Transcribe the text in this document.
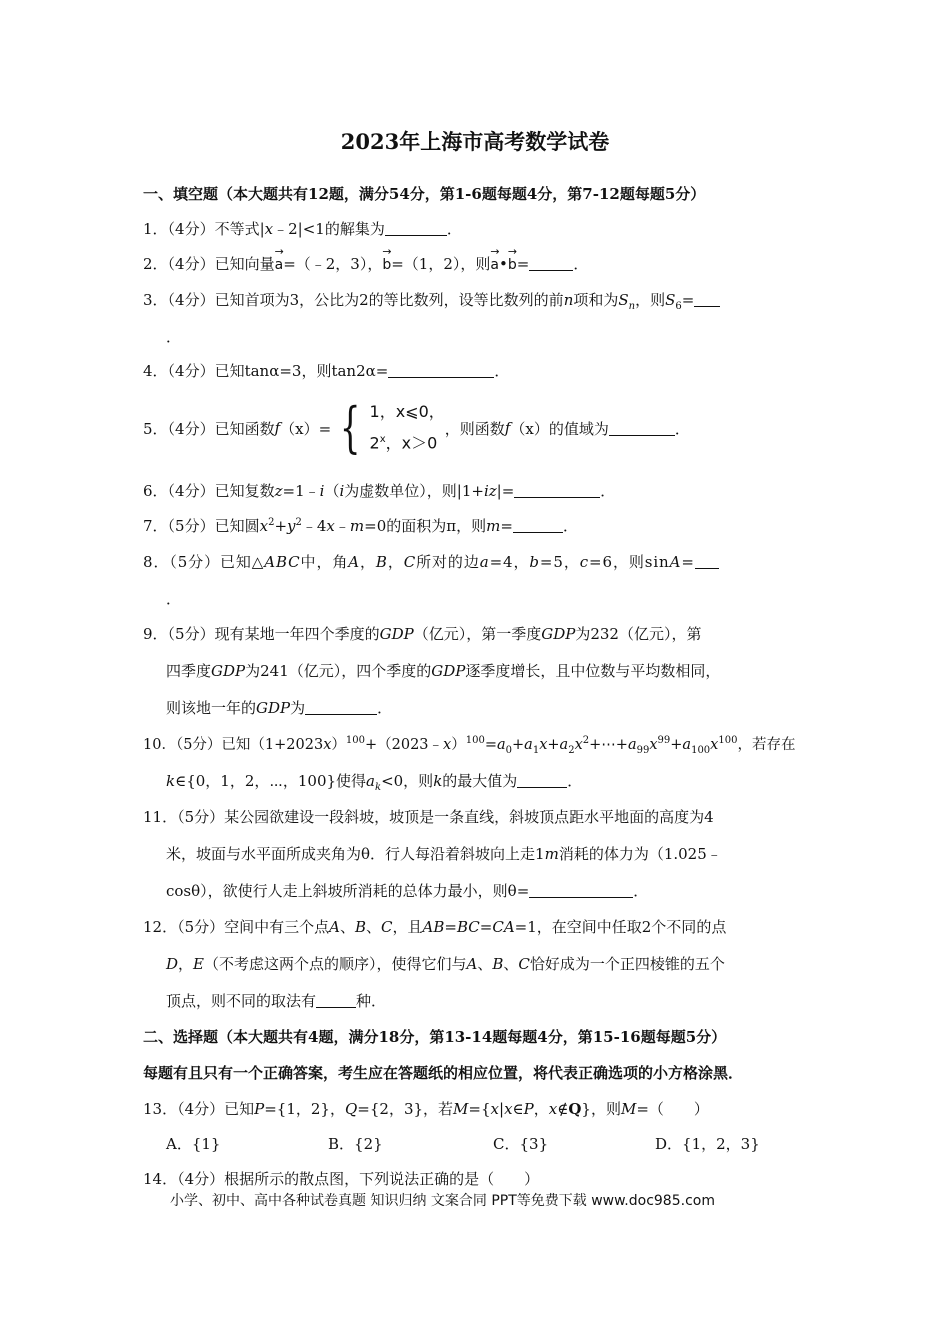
2023年上海市高考数学试卷
一、填空题（本大题共有12题，满分54分，第1-6题每题4分，第7-12题每题5分）
1．（4分）不等式|x﹣2|<1的解集为	．
2．（4分）已知向量→ a=（﹣2，3），→ b=（1，2），则→ a•→ b=	．
3．（4分）已知首项为3，公比为2的等比数列，设等比数列的前n项和为$S_n$，则$S_6=$
．
4．（4分）已知tanα=3，则tan2α=	．
5．（4分）已知函数 f （x）= { 1，x⩽0，
2$^x$，x＞0
，则函数 f （x）的值域为	．
6．（4分）已知复数z=1﹣i（i为虚数单位），则|1+iz|=	．
7．（5分）已知圆$x^2+y^2﹣4x﹣m=0$的面积为π，则m=	．
8．（5分）已知△ABC中，角A，B，C所对的边a=4，b=5，c=6，则sinA=
．
9．（5分）现有某地一年四个季度的GDP（亿元），第一季度GDP为232（亿元），第
四季度GDP为241（亿元），四个季度的GDP逐季度增长，且中位数与平均数相同，
则该地一年的GDP为	．
10．（5分）已知$(1+2023x)^{100}+(2023﹣x)^{100}=a_0+a_1x+a_2x^2+\cdots+a_{99}x^{99}+a_{100}x^{100}$，若存在
k∈{0，1，2，⋯，100}使得$a_k<0$，则k的最大值为	．
11．（5分）某公园欲建设一段斜坡，坡顶是一条直线，斜坡顶点距水平地面的高度为4
米，坡面与水平面所成夹角为θ．行人每沿着斜坡向上走1m消耗的体力为（1.025﹣
cosθ），欲使行人走上斜坡所消耗的总体力最小，则θ=	．
12．（5分）空间中有三个点A、B、C，且AB=BC=CA=1，在空间中任取2个不同的点
D，E（不考虑这两个点的顺序），使得它们与A、B、C恰好成为一个正四棱锥的五个
顶点，则不同的取法有	种．
二、选择题（本大题共有4题，满分18分，第13-14题每题4分，第15-16题每题5分）
每题有且只有一个正确答案，考生应在答题纸的相应位置，将代表正确选项的小方格涂黑．
13．（4分）已知P={1，2}，Q={2，3}，若M={x|x∈P，x∉Q}，则M=（　　）
A．{1}	B．{2}	C．{3}	D．{1，2，3}
14．（4分）根据所示的散点图，下列说法正确的是（　　）
小学、初中、高中各种试卷真题 知识归纳 文案合同 PPT等免费下载 www.doc985.com
